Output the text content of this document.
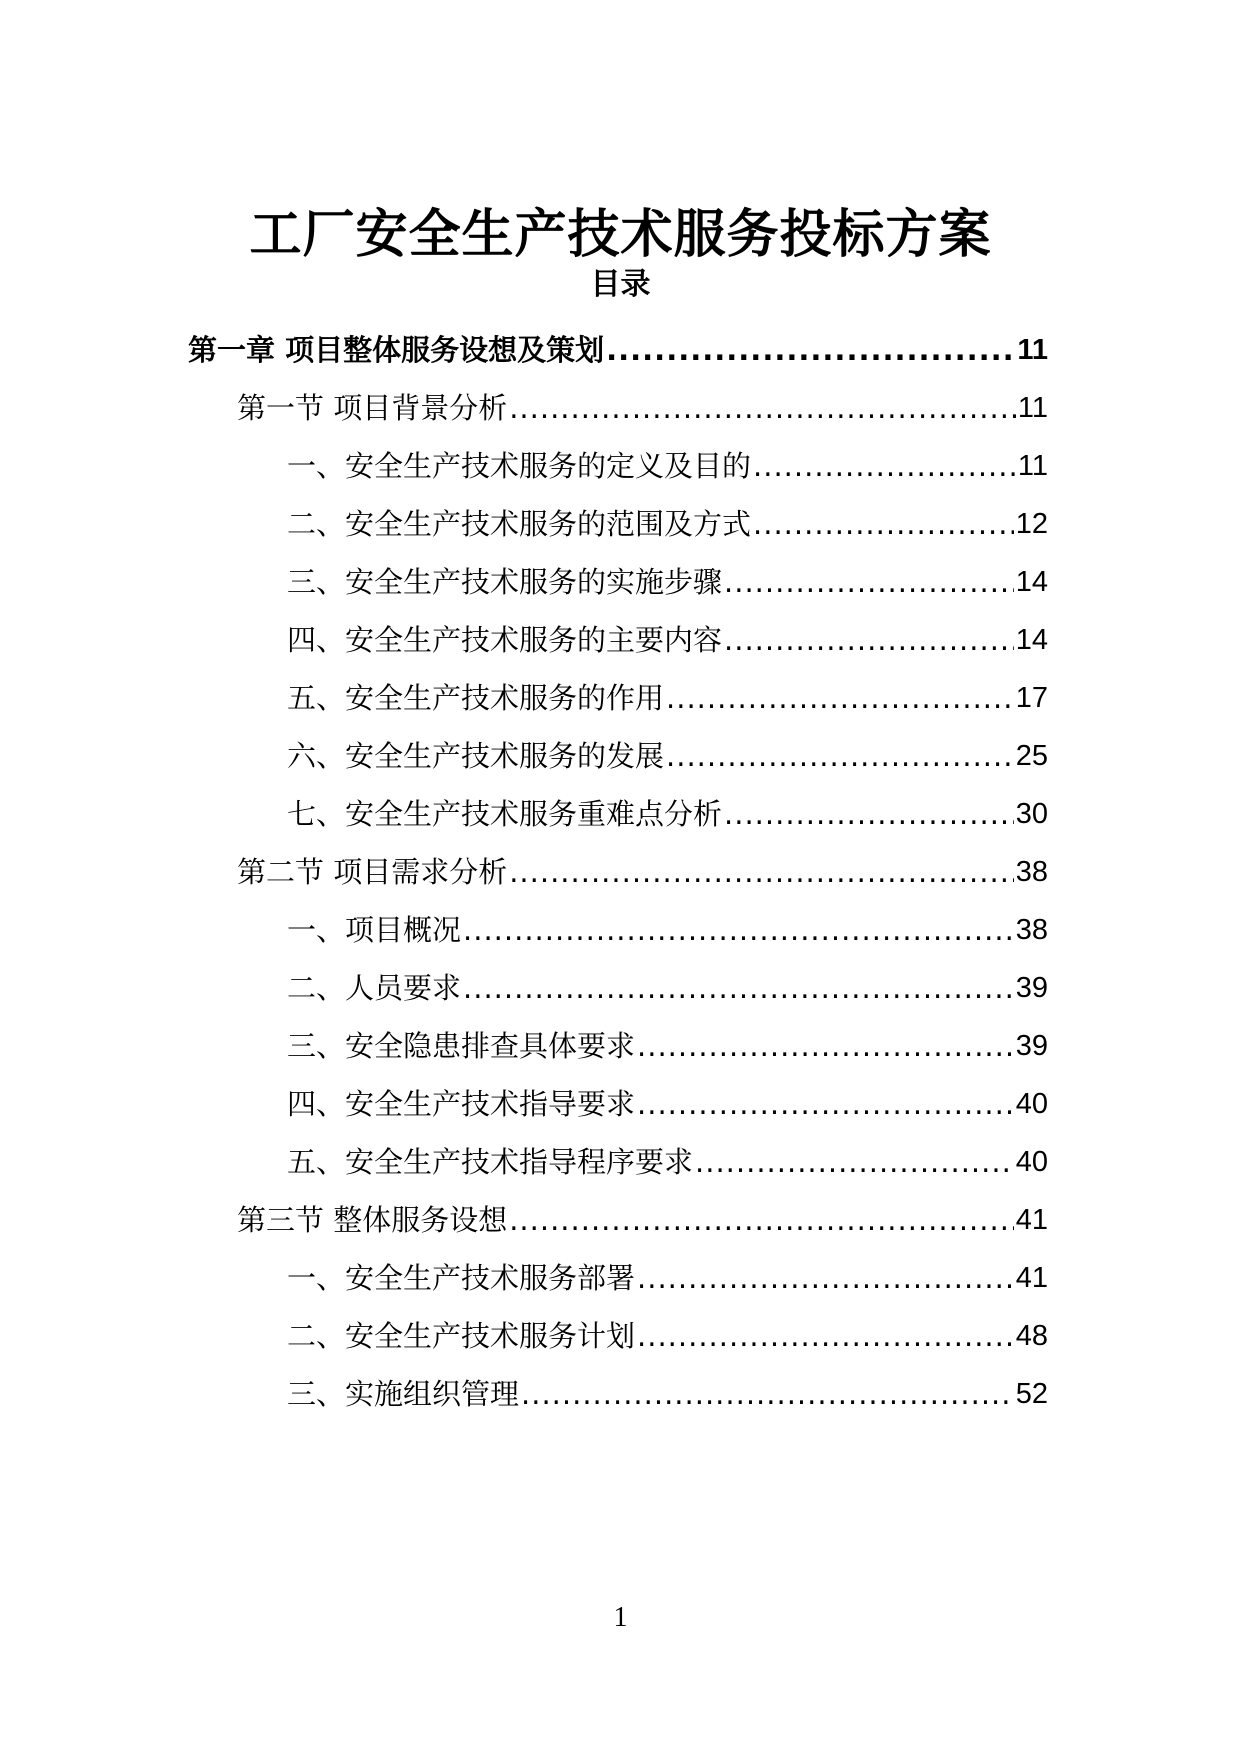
工厂安全生产技术服务投标方案
目录
第一章 项目整体服务设想及策划 .....	11
第一节 项目背景分析 .....	11
一、安全生产技术服务的定义及目的 .....	11
二、安全生产技术服务的范围及方式 .....	12
三、安全生产技术服务的实施步骤 .....	14
四、安全生产技术服务的主要内容 .....	14
五、安全生产技术服务的作用 .....	17
六、安全生产技术服务的发展 .....	25
七、安全生产技术服务重难点分析 .....	30
第二节 项目需求分析 .....	38
一、项目概况 .....	38
二、人员要求 .....	39
三、安全隐患排查具体要求 .....	39
四、安全生产技术指导要求 .....	40
五、安全生产技术指导程序要求 .....	40
第三节 整体服务设想 .....	41
一、安全生产技术服务部署 .....	41
二、安全生产技术服务计划 .....	48
三、实施组织管理 .....	52
1
